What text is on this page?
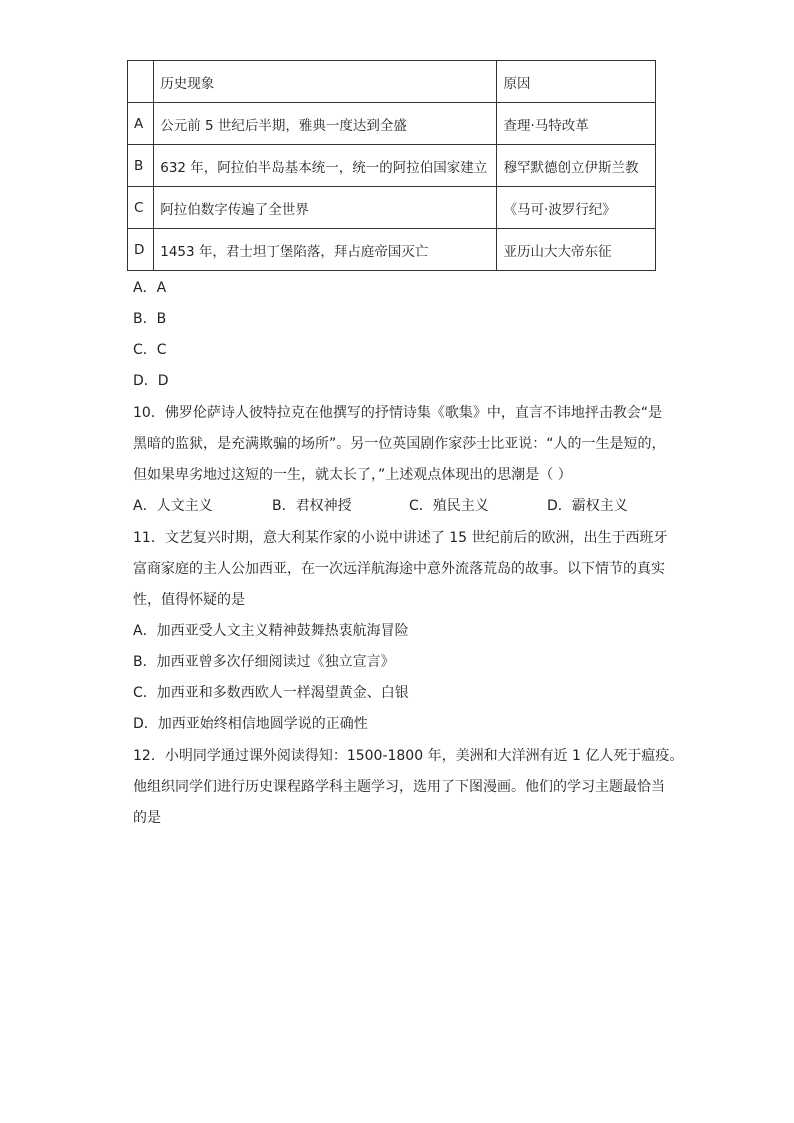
	历史现象	原因
A	公元前 5 世纪后半期，雅典一度达到全盛	查理·马特改革
B	632 年，阿拉伯半岛基本统一，统一的阿拉伯国家建立	穆罕默德创立伊斯兰教
C	阿拉伯数字传遍了全世界	《马可·波罗行纪》
D	1453 年，君士坦丁堡陷落，拜占庭帝国灭亡	亚历山大大帝东征
A．A
B．B
C．C
D．D
10．佛罗伦萨诗人彼特拉克在他撰写的抒情诗集《歌集》中，直言不讳地抨击教会“是
黑暗的监狱，是充满欺骗的场所”。另一位英国剧作家莎士比亚说：“人的一生是短的，
但如果卑劣地过这短的一生，就太长了，”上述观点体现出的思潮是（ ）
A．人文主义	B．君权神授	C．殖民主义	D．霸权主义
11．文艺复兴时期，意大利某作家的小说中讲述了 15 世纪前后的欧洲，出生于西班牙
富商家庭的主人公加西亚，在一次远洋航海途中意外流落荒岛的故事。以下情节的真实
性，值得怀疑的是
A．加西亚受人文主义精神鼓舞热衷航海冒险
B．加西亚曾多次仔细阅读过《独立宣言》
C．加西亚和多数西欧人一样渴望黄金、白银
D．加西亚始终相信地圆学说的正确性
12．小明同学通过课外阅读得知：1500-1800 年，美洲和大洋洲有近 1 亿人死于瘟疫。
他组织同学们进行历史课程路学科主题学习，选用了下图漫画。他们的学习主题最恰当
的是
